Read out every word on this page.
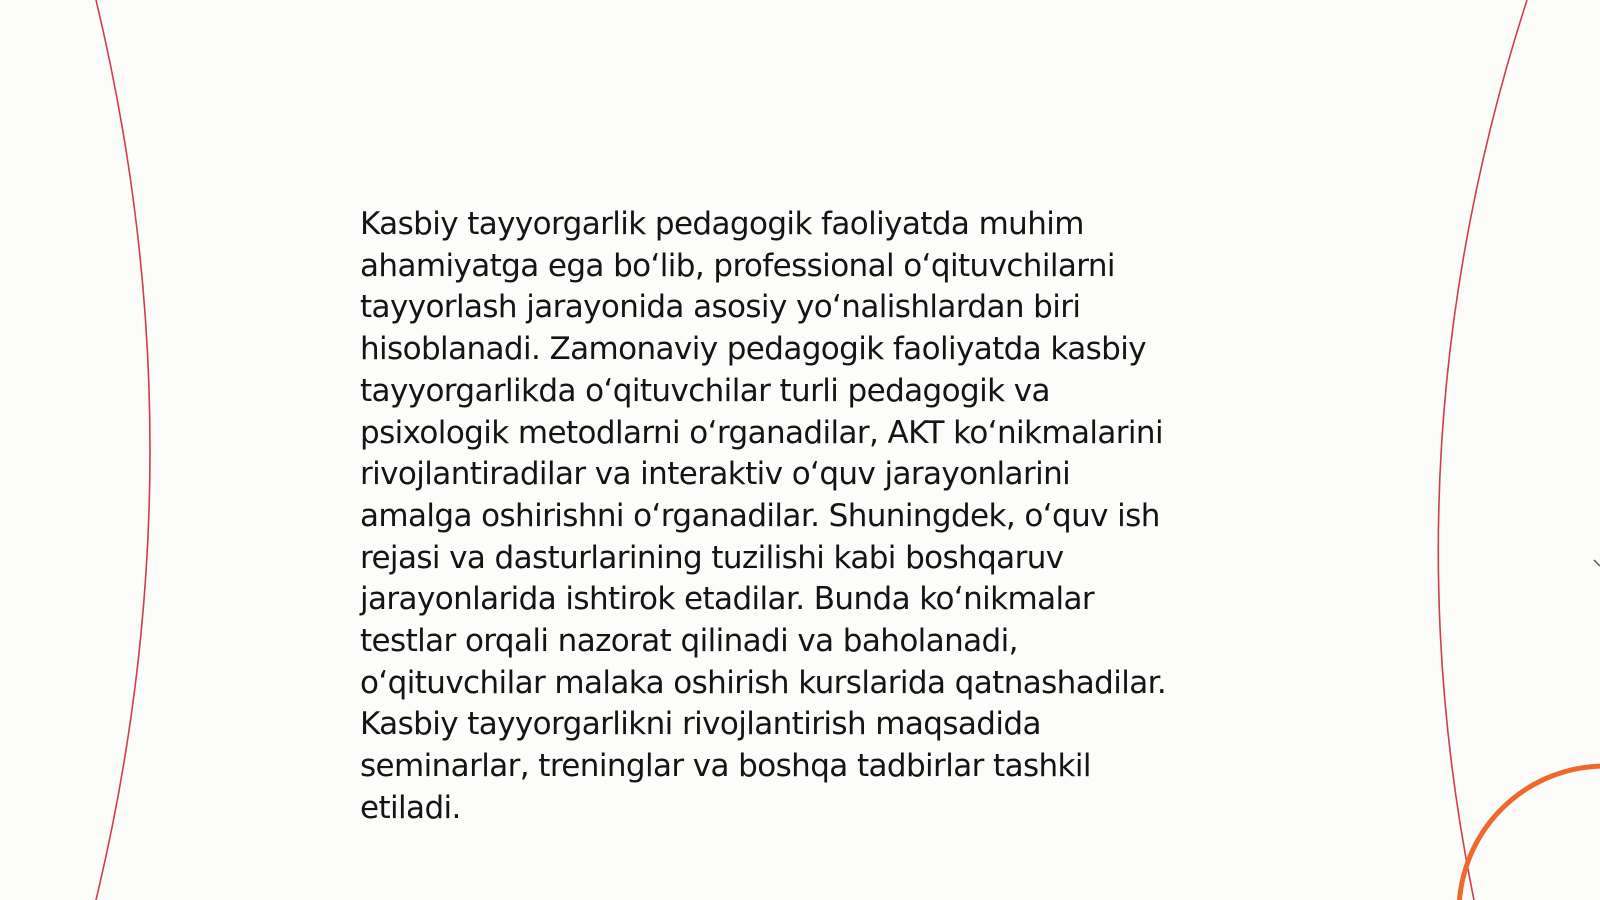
Kasbiy tayyorgarlik pedagogik faoliyatda muhim
ahamiyatga ega bo‘lib, professional o‘qituvchilarni
tayyorlash jarayonida asosiy yo‘nalishlardan biri
hisoblanadi. Zamonaviy pedagogik faoliyatda kasbiy
tayyorgarlikda o‘qituvchilar turli pedagogik va
psixologik metodlarni o‘rganadilar, AKT ko‘nikmalarini
rivojlantiradilar va interaktiv o‘quv jarayonlarini
amalga oshirishni o‘rganadilar. Shuningdek, o‘quv ish
rejasi va dasturlarining tuzilishi kabi boshqaruv
jarayonlarida ishtirok etadilar. Bunda ko‘nikmalar
testlar orqali nazorat qilinadi va baholanadi,
o‘qituvchilar malaka oshirish kurslarida qatnashadilar.
Kasbiy tayyorgarlikni rivojlantirish maqsadida
seminarlar, treninglar va boshqa tadbirlar tashkil
etiladi.
